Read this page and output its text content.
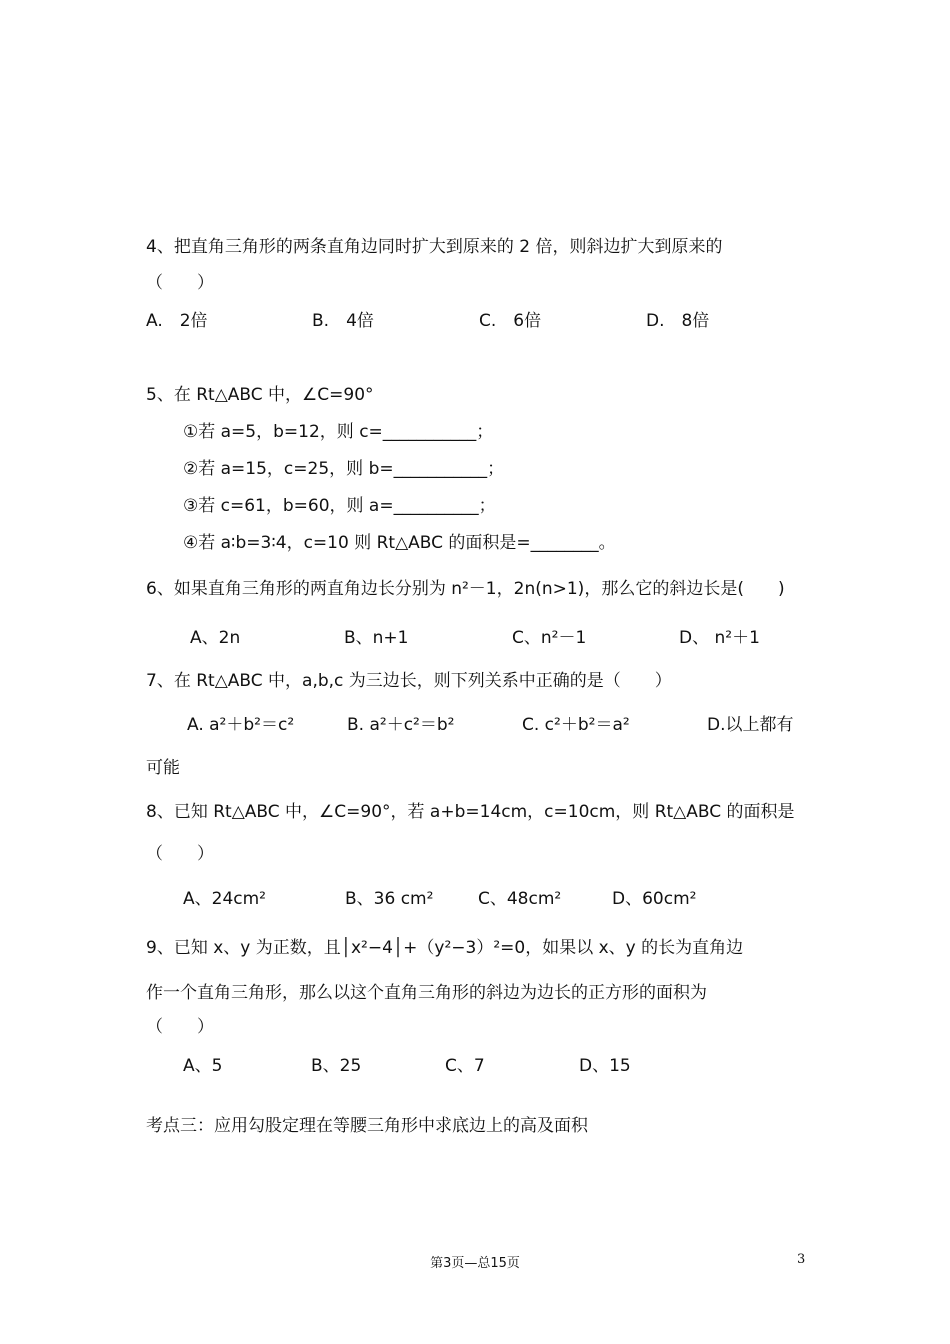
4、把直角三角形的两条直角边同时扩大到原来的 2 倍，则斜边扩大到原来的
（　　）
A.　2倍	B.　4倍	C.　6倍	D.　8倍
5、在 Rt△ABC 中，∠C=90°
①若 a=5，b=12，则 c=___________；
②若 a=15，c=25，则 b=___________；
③若 c=61，b=60，则 a=__________；
④若 a∶b=3∶4，c=10 则 Rt△ABC 的面积是=________。
6、如果直角三角形的两直角边长分别为 n²－1，2n(n>1)，那么它的斜边长是(　　)
A、2n	B、n+1	C、n²－1	D、 n²＋1
7、在 Rt△ABC 中，a,b,c 为三边长，则下列关系中正确的是（　　）
A. a²＋b²＝c²	B. a²＋c²＝b²	C. c²＋b²＝a²	D.以上都有
可能
8、已知 Rt△ABC 中，∠C=90°，若 a+b=14cm，c=10cm，则 Rt△ABC 的面积是
（　　）
A、24cm²	B、36 cm²	C、48cm²	D、60cm²
9、已知 x、y 为正数，且│x²−4│+（y²−3）²=0，如果以 x、y 的长为直角边
作一个直角三角形，那么以这个直角三角形的斜边为边长的正方形的面积为
（　　）
A、5	B、25	C、7	D、15
考点三：应用勾股定理在等腰三角形中求底边上的高及面积
第3页—总15页	3
